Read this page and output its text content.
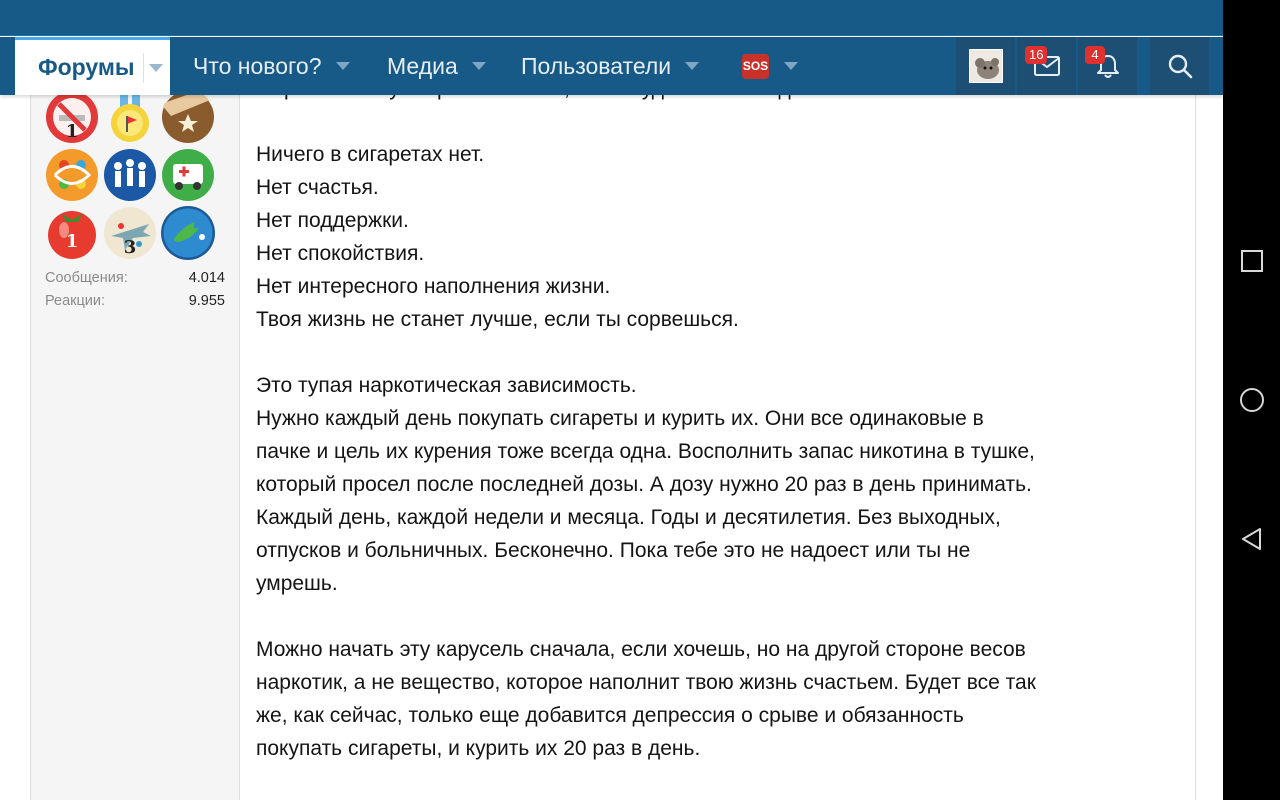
1
1	3
Сообщения:	4.014
Реакции:	9.955

Ничего в сигаретах нет.

Нет счастья.

Нет поддержки.

Нет спокойствия.

Нет интересного наполнения жизни.

Твоя жизнь не станет лучше, если ты сорвешься.

Это тупая наркотическая зависимость.

Нужно каждый день покупать сигареты и курить их. Они все одинаковые в

пачке и цель их курения тоже всегда одна. Восполнить запас никотина в тушке,

который просел после последней дозы. А дозу нужно 20 раз в день принимать.

Каждый день, каждой недели и месяца. Годы и десятилетия. Без выходных,

отпусков и больничных. Бесконечно. Пока тебе это не надоест или ты не

умрешь.

Можно начать эту карусель сначала, если хочешь, но на другой стороне весов

наркотик, а не вещество, которое наполнит твою жизнь счастьем. Будет все так

же, как сейчас, только еще добавится депрессия о срыве и обязанность

покупать сигареты, и курить их 20 раз в день.

Форумы	Что нового?	Медиа	Пользователи	SOS
16	4
